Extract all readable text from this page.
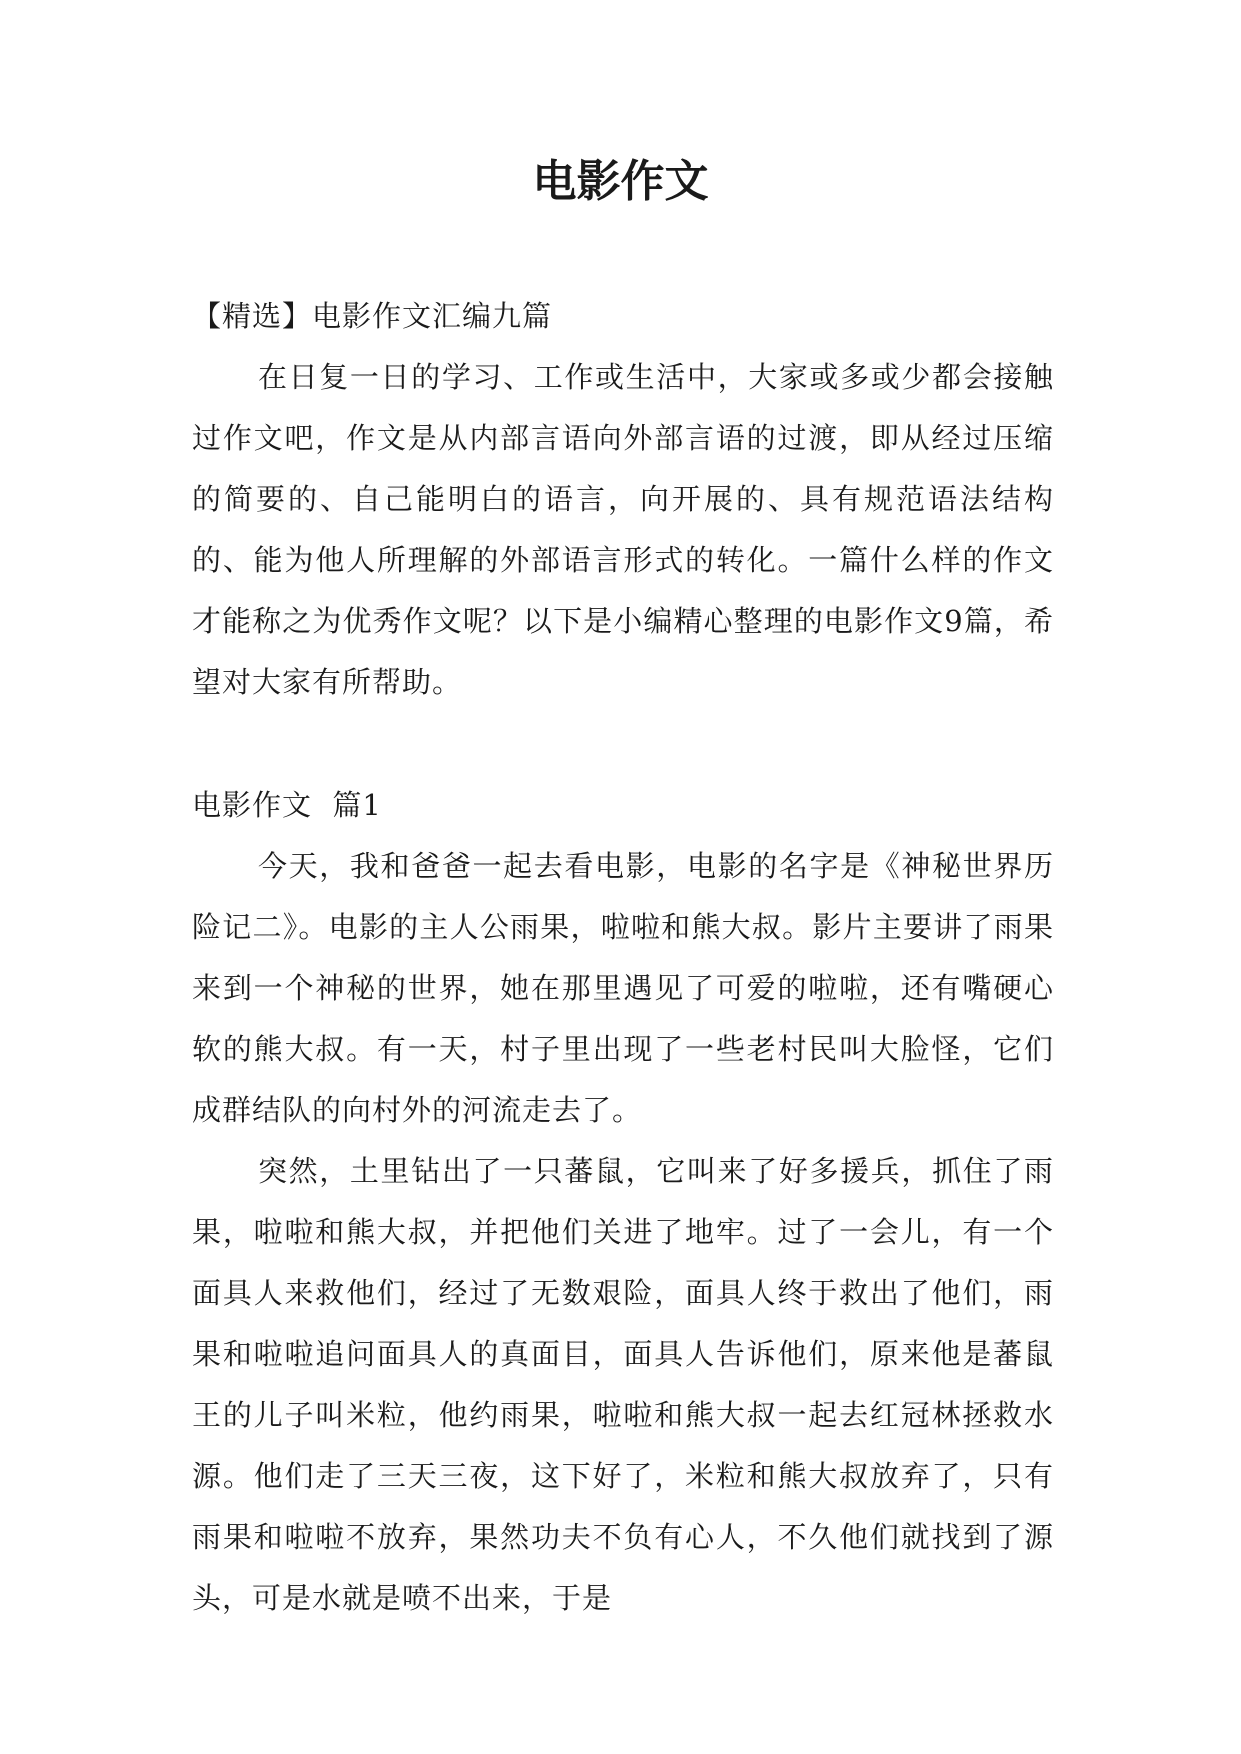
电影作文

【精选】电影作文汇编九篇

在日复一日的学习、工作或生活中，大家或多或少都会接触过作文吧，作文是从内部言语向外部言语的过渡，即从经过压缩的简要的、自己能明白的语言，向开展的、具有规范语法结构的、能为他人所理解的外部语言形式的转化。一篇什么样的作文才能称之为优秀作文呢？以下是小编精心整理的电影作文9篇，希望对大家有所帮助。

电影作文  篇1

今天，我和爸爸一起去看电影，电影的名字是《神秘世界历险记二》。电影的主人公雨果，啦啦和熊大叔。影片主要讲了雨果来到一个神秘的世界，她在那里遇见了可爱的啦啦，还有嘴硬心软的熊大叔。有一天，村子里出现了一些老村民叫大脸怪，它们成群结队的向村外的河流走去了。

突然，土里钻出了一只蕃鼠，它叫来了好多援兵，抓住了雨果，啦啦和熊大叔，并把他们关进了地牢。过了一会儿，有一个面具人来救他们，经过了无数艰险，面具人终于救出了他们，雨果和啦啦追问面具人的真面目，面具人告诉他们，原来他是蕃鼠王的儿子叫米粒，他约雨果，啦啦和熊大叔一起去红冠林拯救水源。他们走了三天三夜，这下好了，米粒和熊大叔放弃了，只有雨果和啦啦不放弃，果然功夫不负有心人，不久他们就找到了源头，可是水就是喷不出来，于是
